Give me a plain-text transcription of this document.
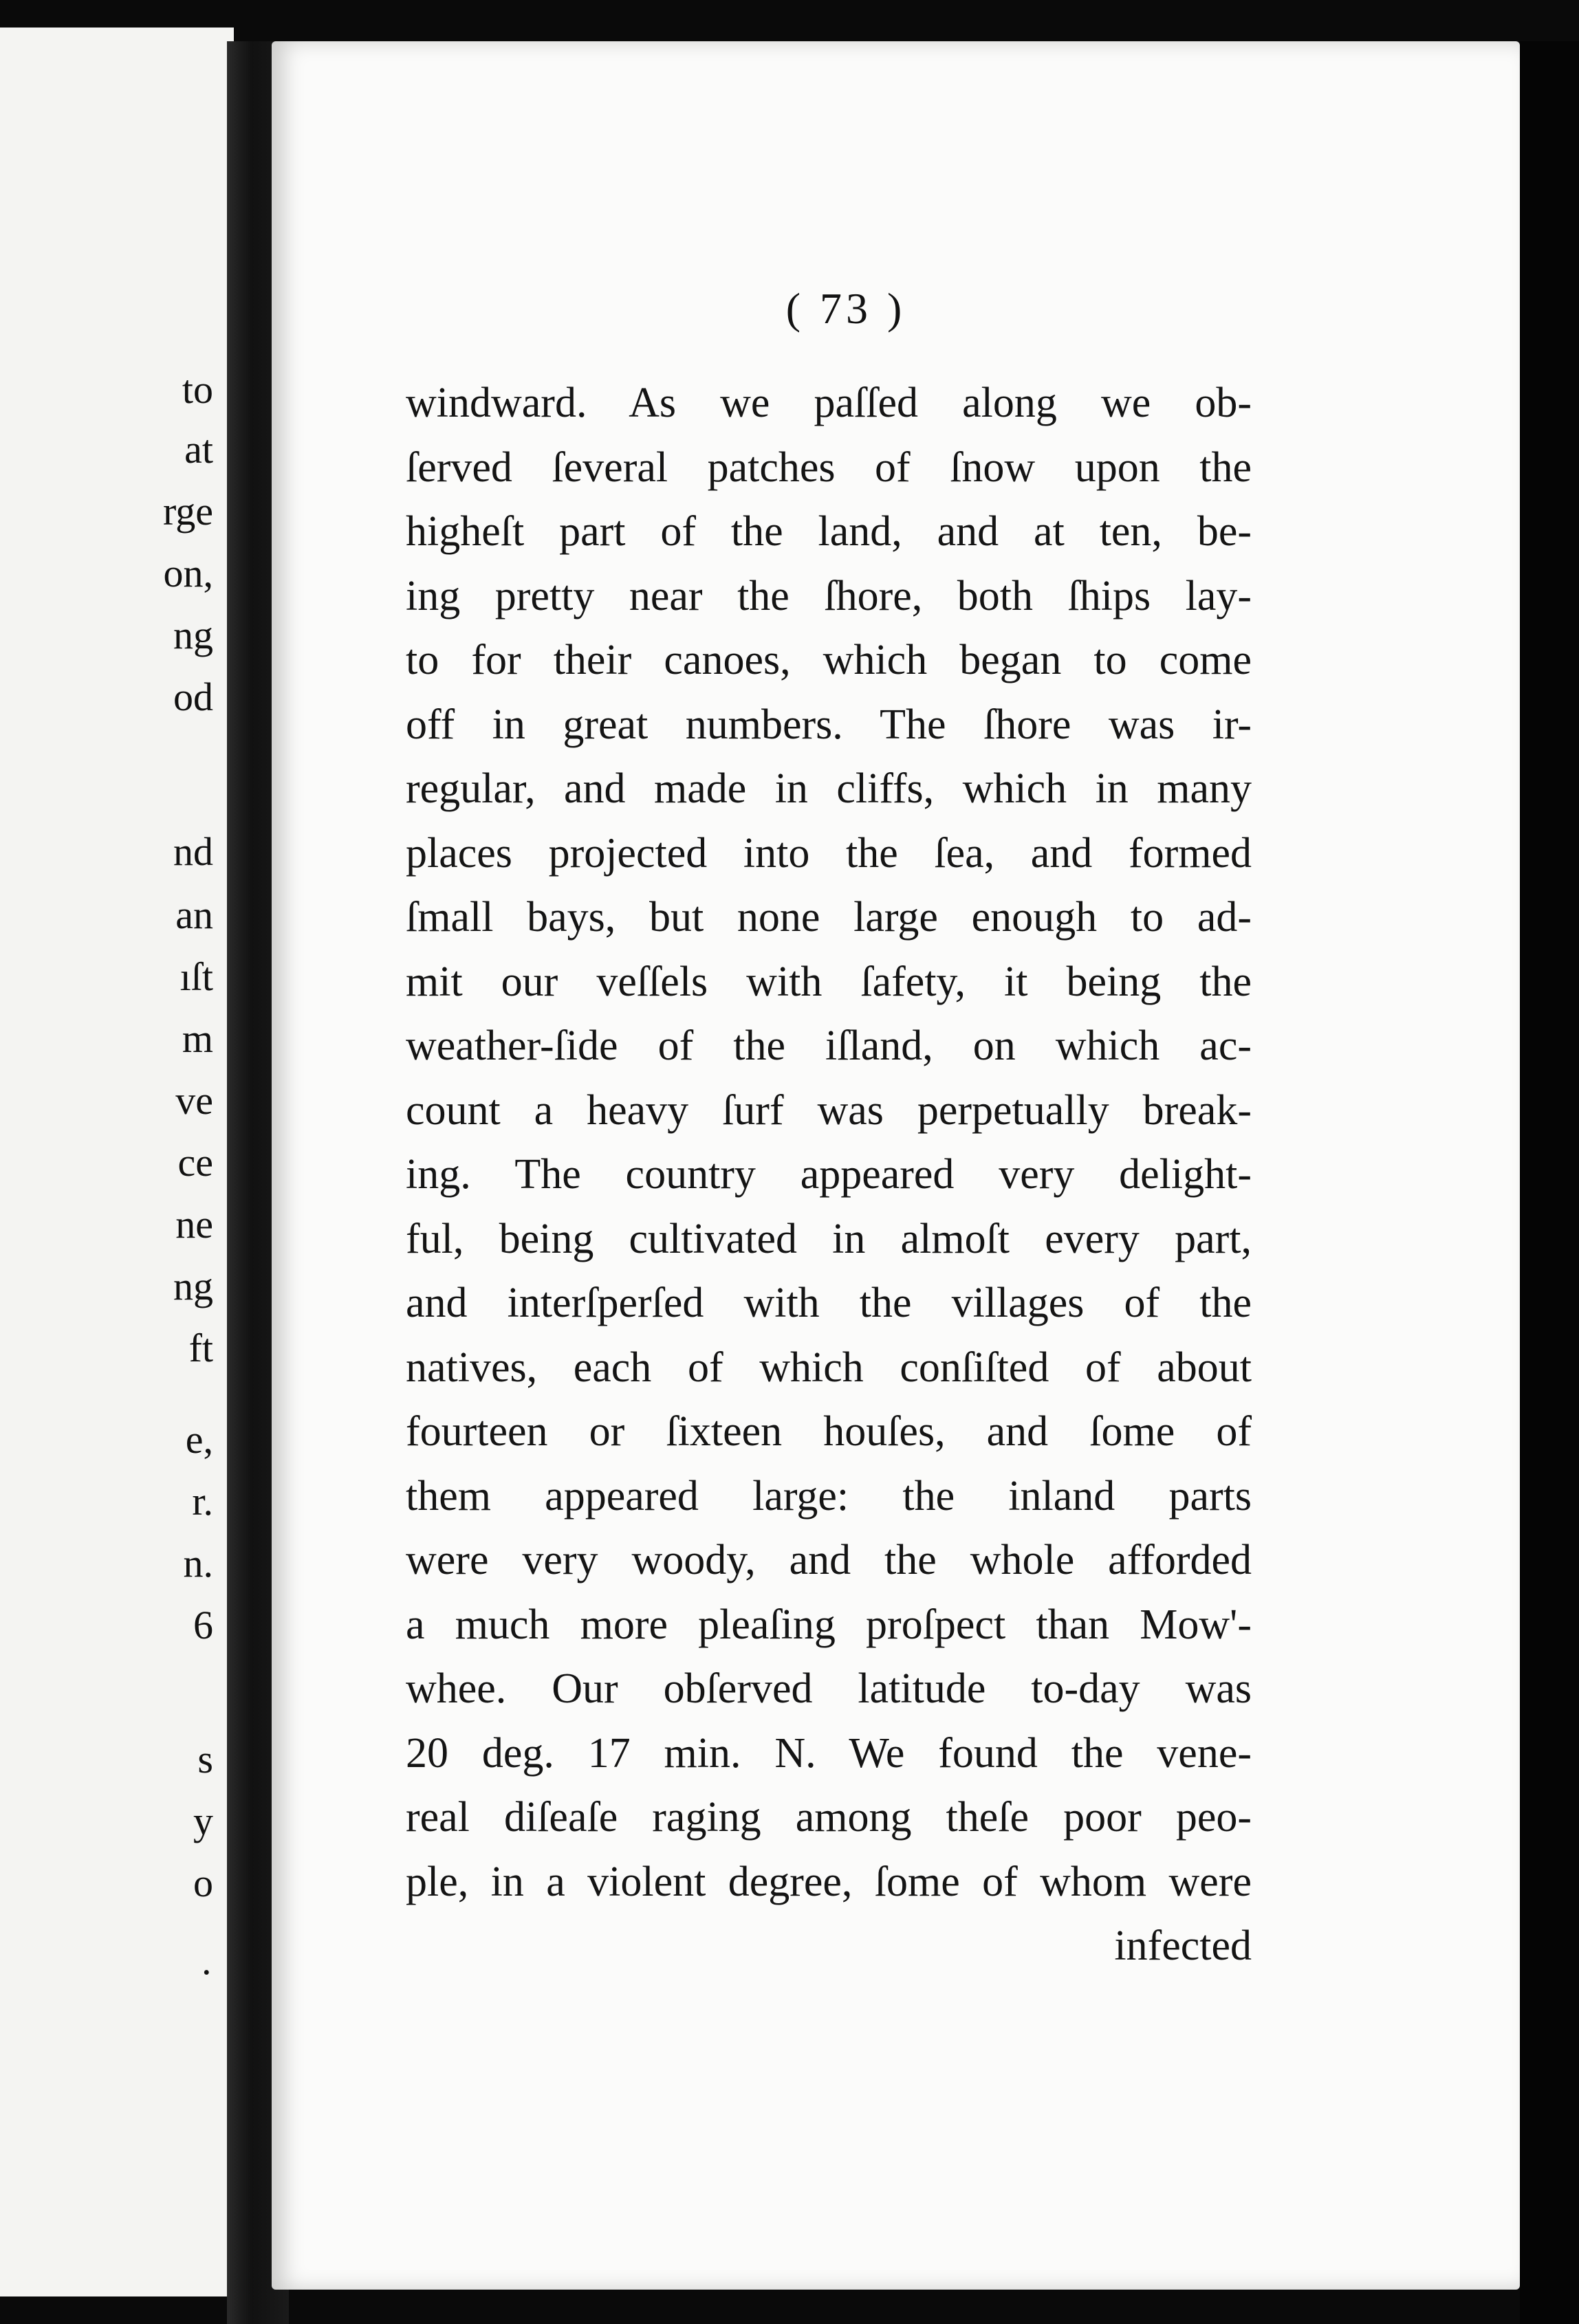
to
at
rge
on,
ng
od
nd
an
ıſt
m
ve
ce
ne
ng
ft
e,
r.
n.
6
s
y
o
·
( 73 )
windward. As we paſſed along we ob-
ſerved ſeveral patches of ſnow upon the
higheſt part of the land, and at ten, be-
ing pretty near the ſhore, both ſhips lay-
to for their canoes, which began to come
off in great numbers. The ſhore was ir-
regular, and made in cliffs, which in many
places projected into the ſea, and formed
ſmall bays, but none large enough to ad-
mit our veſſels with ſafety, it being the
weather-ſide of the iſland, on which ac-
count a heavy ſurf was perpetually break-
ing. The country appeared very delight-
ful, being cultivated in almoſt every part,
and interſperſed with the villages of the
natives, each of which conſiſted of about
fourteen or ſixteen houſes, and ſome of
them appeared large: the inland parts
were very woody, and the whole afforded
a much more pleaſing proſpect than Mow'-
whee. Our obſerved latitude to-day was
20 deg. 17 min. N. We found the vene-
real diſeaſe raging among theſe poor peo-
ple, in a violent degree, ſome of whom were
infected
